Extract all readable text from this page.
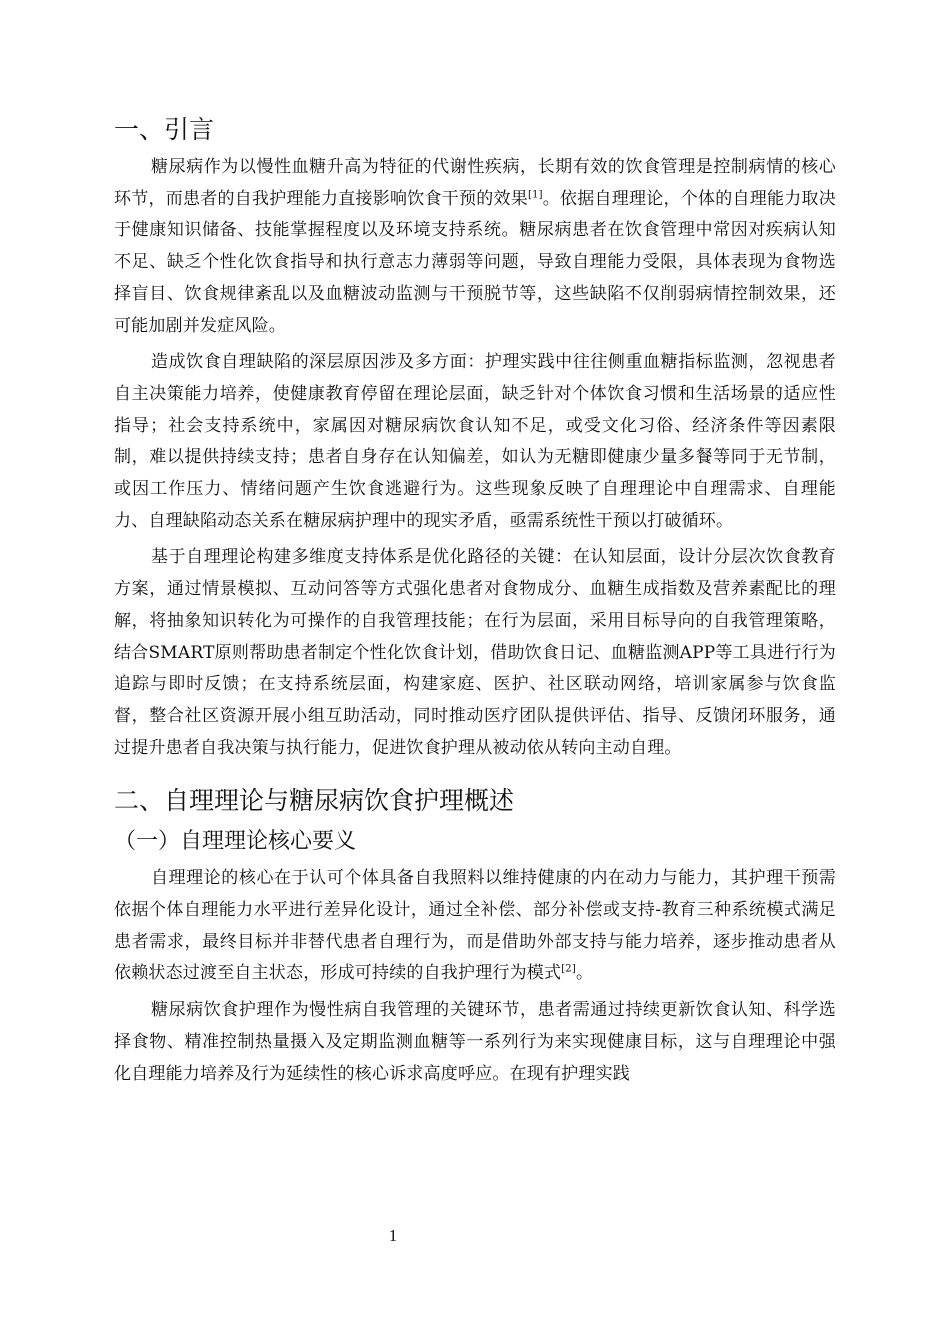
一、引言

糖尿病作为以慢性血糖升高为特征的代谢性疾病，长期有效的饮食管理是控制病情的核心环节，而患者的自我护理能力直接影响饮食干预的效果[1]。依据自理理论，个体的自理能力取决于健康知识储备、技能掌握程度以及环境支持系统。糖尿病患者在饮食管理中常因对疾病认知不足、缺乏个性化饮食指导和执行意志力薄弱等问题，导致自理能力受限，具体表现为食物选择盲目、饮食规律紊乱以及血糖波动监测与干预脱节等，这些缺陷不仅削弱病情控制效果，还可能加剧并发症风险。

造成饮食自理缺陷的深层原因涉及多方面：护理实践中往往侧重血糖指标监测，忽视患者自主决策能力培养，使健康教育停留在理论层面，缺乏针对个体饮食习惯和生活场景的适应性指导；社会支持系统中，家属因对糖尿病饮食认知不足，或受文化习俗、经济条件等因素限制，难以提供持续支持；患者自身存在认知偏差，如认为无糖即健康少量多餐等同于无节制，或因工作压力、情绪问题产生饮食逃避行为。这些现象反映了自理理论中自理需求、自理能力、自理缺陷动态关系在糖尿病护理中的现实矛盾，亟需系统性干预以打破循环。

基于自理理论构建多维度支持体系是优化路径的关键：在认知层面，设计分层次饮食教育方案，通过情景模拟、互动问答等方式强化患者对食物成分、血糖生成指数及营养素配比的理解，将抽象知识转化为可操作的自我管理技能；在行为层面，采用目标导向的自我管理策略，结合SMART原则帮助患者制定个性化饮食计划，借助饮食日记、血糖监测APP等工具进行行为追踪与即时反馈；在支持系统层面，构建家庭、医护、社区联动网络，培训家属参与饮食监督，整合社区资源开展小组互助活动，同时推动医疗团队提供评估、指导、反馈闭环服务，通过提升患者自我决策与执行能力，促进饮食护理从被动依从转向主动自理。

二、自理理论与糖尿病饮食护理概述
（一）自理理论核心要义

自理理论的核心在于认可个体具备自我照料以维持健康的内在动力与能力，其护理干预需依据个体自理能力水平进行差异化设计，通过全补偿、部分补偿或支持-教育三种系统模式满足患者需求，最终目标并非替代患者自理行为，而是借助外部支持与能力培养，逐步推动患者从依赖状态过渡至自主状态，形成可持续的自我护理行为模式[2]。

糖尿病饮食护理作为慢性病自我管理的关键环节，患者需通过持续更新饮食认知、科学选择食物、精准控制热量摄入及定期监测血糖等一系列行为来实现健康目标，这与自理理论中强化自理能力培养及行为延续性的核心诉求高度呼应。在现有护理实践

1
